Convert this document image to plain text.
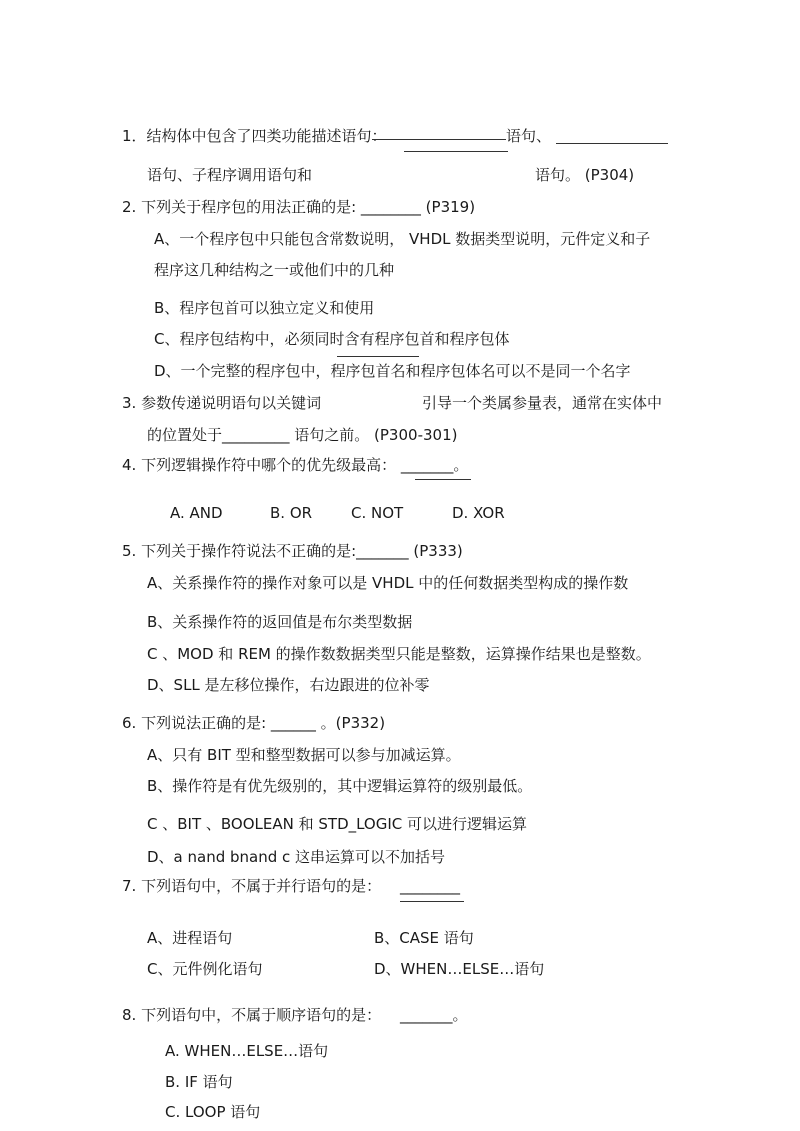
1．结构体中包含了四类功能描述语句：	语句、
语句、子程序调用语句和	语句。 (P304)
2. 下列关于程序包的用法正确的是: ________ (P319)
A、一个程序包中只能包含常数说明， VHDL 数据类型说明，元件定义和子
程序这几种结构之一或他们中的几种
B、程序包首可以独立定义和使用
C、程序包结构中，必须同时含有程序包首和程序包体
D、一个完整的程序包中，程序包首名和程序包体名可以不是同一个名字
3. 参数传递说明语句以关键词	引导一个类属参量表，通常在实体中
的位置处于_________ 语句之前。 (P300-301)
4. 下列逻辑操作符中哪个的优先级最高： _______。
A. AND	B. OR	C. NOT	D. XOR
5. 下列关于操作符说法不正确的是:_______ (P333)
A、关系操作符的操作对象可以是 VHDL 中的任何数据类型构成的操作数
B、关系操作符的返回值是布尔类型数据
C 、MOD 和 REM 的操作数数据类型只能是整数，运算操作结果也是整数。
D、SLL 是左移位操作，右边跟进的位补零
6. 下列说法正确的是: ______ 。(P332)
A、只有 BIT 型和整型数据可以参与加减运算。
B、操作符是有优先级别的，其中逻辑运算符的级别最低。
C 、BIT 、BOOLEAN 和 STD_LOGIC 可以进行逻辑运算
D、a nand bnand c 这串运算可以不加括号
7. 下列语句中，不属于并行语句的是： ________
A、进程语句	B、CASE 语句
C、元件例化语句	D、WHEN…ELSE…语句
8. 下列语句中，不属于顺序语句的是： _______。
A. WHEN…ELSE…语句
B. IF 语句
C. LOOP 语句
